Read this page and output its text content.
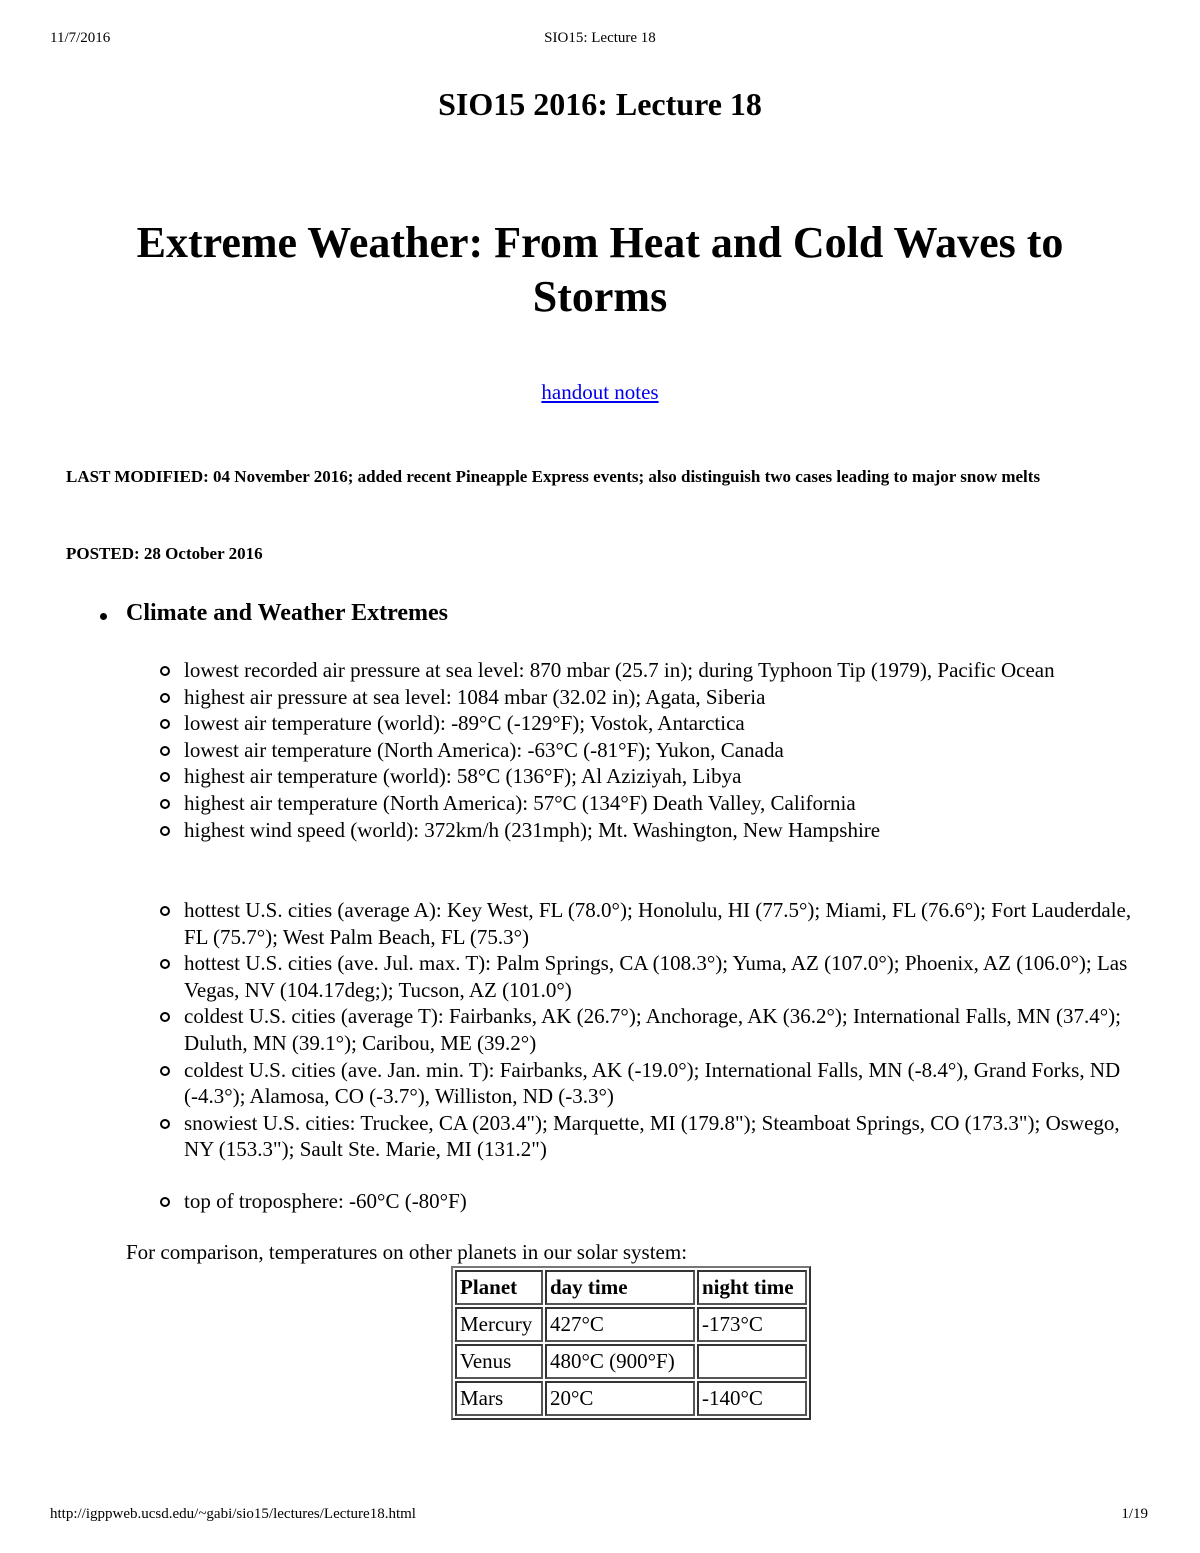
11/7/2016	SIO15: Lecture 18
SIO15 2016: Lecture 18
Extreme Weather: From Heat and Cold Waves to Storms
handout notes

LAST MODIFIED: 04 November 2016; added recent Pineapple Express events; also distinguish two cases leading to major snow melts

POSTED: 28 October 2016

Climate and Weather Extremes
lowest recorded air pressure at sea level: 870 mbar (25.7 in); during Typhoon Tip (1979), Pacific Ocean
highest air pressure at sea level: 1084 mbar (32.02 in); Agata, Siberia
lowest air temperature (world): -89°C (-129°F); Vostok, Antarctica
lowest air temperature (North America): -63°C (-81°F); Yukon, Canada
highest air temperature (world): 58°C (136°F); Al Aziziyah, Libya
highest air temperature (North America): 57°C (134°F) Death Valley, California
highest wind speed (world): 372km/h (231mph); Mt. Washington, New Hampshire
hottest U.S. cities (average A): Key West, FL (78.0°); Honolulu, HI (77.5°); Miami, FL (76.6°); Fort Lauderdale, FL (75.7°); West Palm Beach, FL (75.3°)
hottest U.S. cities (ave. Jul. max. T): Palm Springs, CA (108.3°); Yuma, AZ (107.0°); Phoenix, AZ (106.0°); Las Vegas, NV (104.17deg;); Tucson, AZ (101.0°)
coldest U.S. cities (average T): Fairbanks, AK (26.7°); Anchorage, AK (36.2°); International Falls, MN (37.4°); Duluth, MN (39.1°); Caribou, ME (39.2°)
coldest U.S. cities (ave. Jan. min. T): Fairbanks, AK (-19.0°); International Falls, MN (-8.4°), Grand Forks, ND (-4.3°); Alamosa, CO (-3.7°), Williston, ND (-3.3°)
snowiest U.S. cities: Truckee, CA (203.4"); Marquette, MI (179.8"); Steamboat Springs, CO (173.3"); Oswego, NY (153.3"); Sault Ste. Marie, MI (131.2")
top of troposphere: -60°C (-80°F)
For comparison, temperatures on other planets in our solar system:
Planet	day time	night time
Mercury	427°C	-173°C
Venus	480°C (900°F)	
Mars	20°C	-140°C
http://igppweb.ucsd.edu/~gabi/sio15/lectures/Lecture18.html	1/19
